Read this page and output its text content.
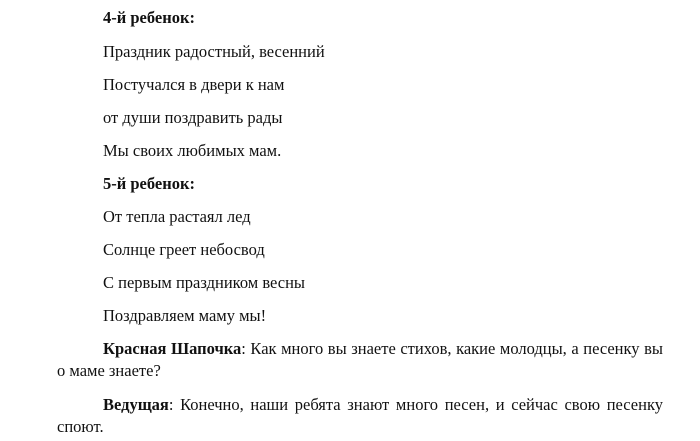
4-й ребенок:
Праздник радостный, весенний
Постучался в двери к нам
от души поздравить рады
Мы своих любимых мам.
5-й ребенок:
От тепла растаял лед
Солнце греет небосвод
С первым праздником весны
Поздравляем маму мы!
Красная Шапочка: Как много вы знаете стихов, какие молодцы, а песенку вы о маме знаете?
Ведущая: Конечно, наши ребята знают много песен, и сейчас свою песенку споют.
